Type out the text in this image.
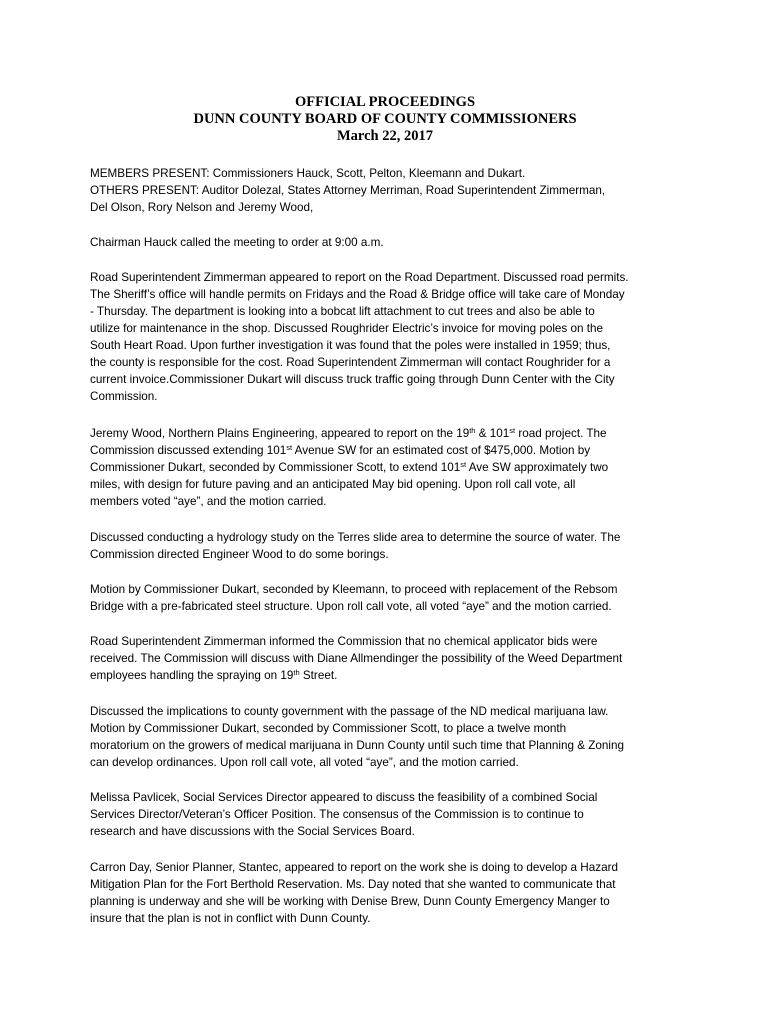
OFFICIAL PROCEEDINGS
DUNN COUNTY BOARD OF COUNTY COMMISSIONERS
March 22, 2017
MEMBERS PRESENT: Commissioners Hauck, Scott, Pelton, Kleemann and Dukart.
OTHERS PRESENT: Auditor Dolezal, States Attorney Merriman, Road Superintendent Zimmerman,
Del Olson, Rory Nelson and Jeremy Wood,
Chairman Hauck called the meeting to order at 9:00 a.m.
Road Superintendent Zimmerman appeared to report on the Road Department. Discussed road permits.
The Sheriff’s office will handle permits on Fridays and the Road & Bridge office will take care of Monday
- Thursday. The department is looking into a bobcat lift attachment to cut trees and also be able to
utilize for maintenance in the shop. Discussed Roughrider Electric’s invoice for moving poles on the
South Heart Road. Upon further investigation it was found that the poles were installed in 1959; thus,
the county is responsible for the cost. Road Superintendent Zimmerman will contact Roughrider for a
current invoice.Commissioner Dukart will discuss truck traffic going through Dunn Center with the City
Commission.
Jeremy Wood, Northern Plains Engineering, appeared to report on the 19th & 101st road project. The
Commission discussed extending 101st Avenue SW for an estimated cost of $475,000. Motion by
Commissioner Dukart, seconded by Commissioner Scott, to extend 101st Ave SW approximately two
miles, with design for future paving and an anticipated May bid opening. Upon roll call vote, all
members voted “aye”, and the motion carried.
Discussed conducting a hydrology study on the Terres slide area to determine the source of water. The
Commission directed Engineer Wood to do some borings.
Motion by Commissioner Dukart, seconded by Kleemann, to proceed with replacement of the Rebsom
Bridge with a pre-fabricated steel structure. Upon roll call vote, all voted “aye” and the motion carried.
Road Superintendent Zimmerman informed the Commission that no chemical applicator bids were
received. The Commission will discuss with Diane Allmendinger the possibility of the Weed Department
employees handling the spraying on 19th Street.
Discussed the implications to county government with the passage of the ND medical marijuana law.
Motion by Commissioner Dukart, seconded by Commissioner Scott, to place a twelve month
moratorium on the growers of medical marijuana in Dunn County until such time that Planning & Zoning
can develop ordinances. Upon roll call vote, all voted “aye”, and the motion carried.
Melissa Pavlicek, Social Services Director appeared to discuss the feasibility of a combined Social
Services Director/Veteran’s Officer Position. The consensus of the Commission is to continue to
research and have discussions with the Social Services Board.
Carron Day, Senior Planner, Stantec, appeared to report on the work she is doing to develop a Hazard
Mitigation Plan for the Fort Berthold Reservation. Ms. Day noted that she wanted to communicate that
planning is underway and she will be working with Denise Brew, Dunn County Emergency Manger to
insure that the plan is not in conflict with Dunn County.
